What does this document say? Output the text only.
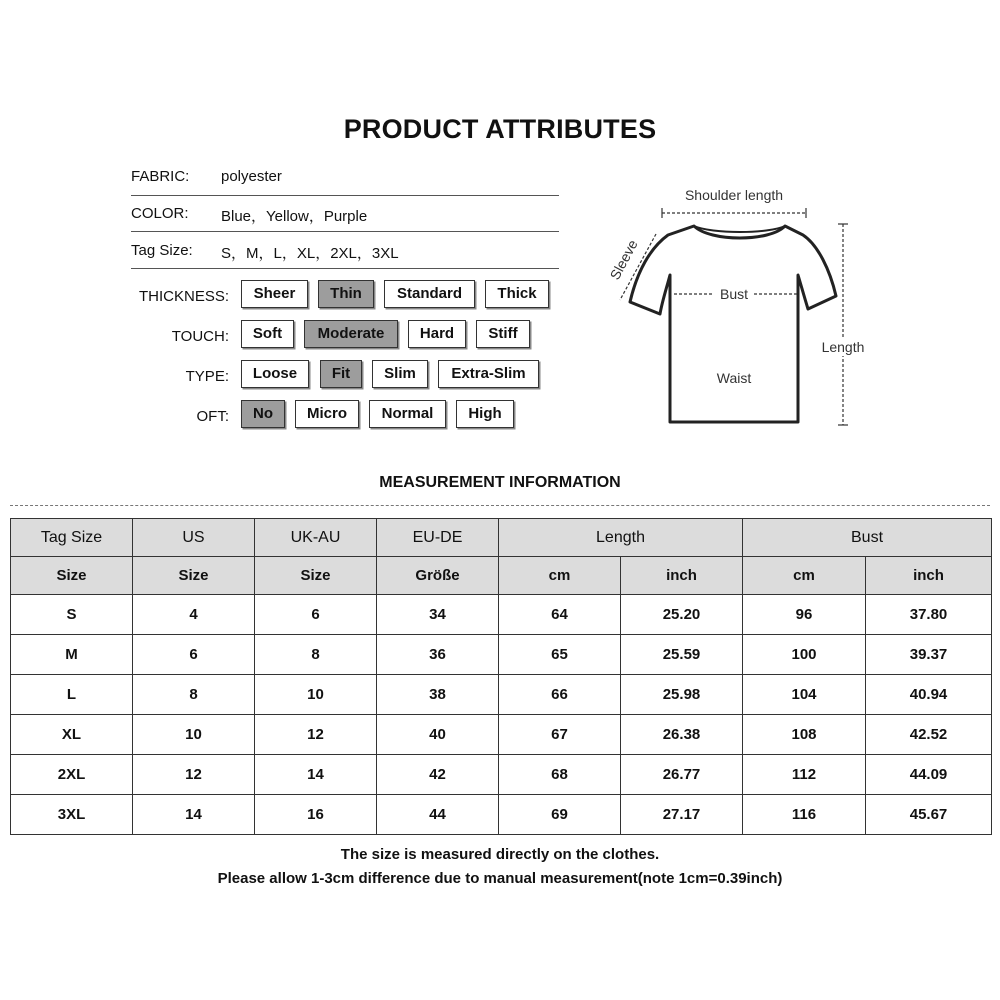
PRODUCT ATTRIBUTES
FABRIC: polyester
COLOR: Blue，Yellow，Purple
Tag Size: S，M，L，XL，2XL，3XL
THICKNESS:	Sheer	Thin	Standard	Thick
TOUCH:	Soft	Moderate	Hard	Stiff
TYPE:	Loose	Fit	Slim	Extra-Slim
OFT:	No	Micro	Normal	High
Shoulder length
Sleeve
Bust
Length
Waist
MEASUREMENT INFORMATION
Tag Size	US	UK-AU	EU-DE	Length		Bust	
Size	Size	Size	Größe	cm	inch	cm	inch
S	4	6	34	64	25.20	96	37.80
M	6	8	36	65	25.59	100	39.37
L	8	10	38	66	25.98	104	40.94
XL	10	12	40	67	26.38	108	42.52
2XL	12	14	42	68	26.77	112	44.09
3XL	14	16	44	69	27.17	116	45.67
The size is measured directly on the clothes.
Please allow 1-3cm difference due to manual measurement(note 1cm=0.39inch)
